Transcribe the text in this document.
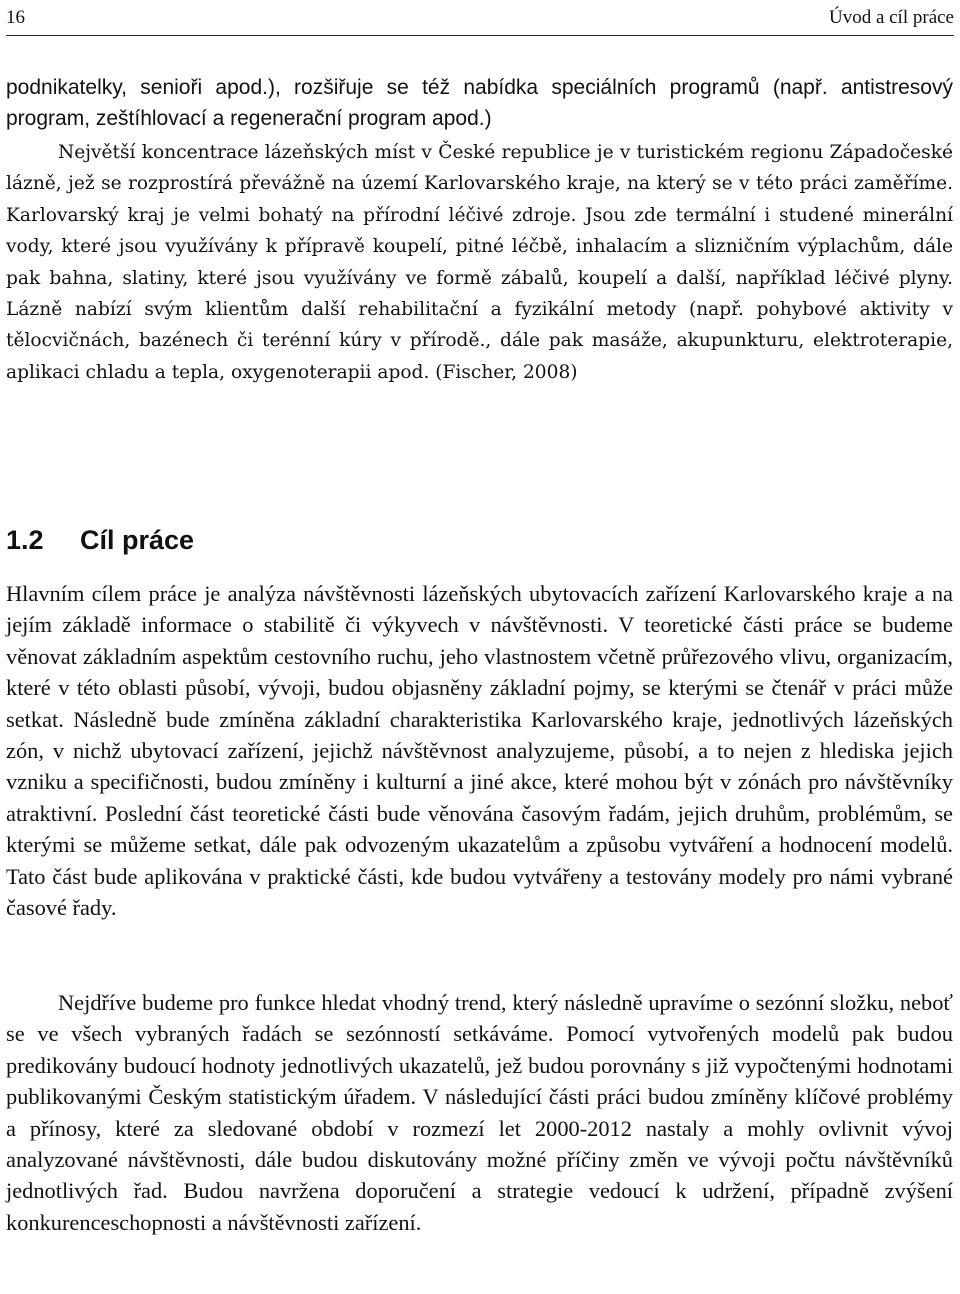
16	Úvod a cíl práce

podnikatelky, senioři apod.), rozšiřuje se též nabídka speciálních programů (např. antistresový program, zeštíhlovací a regenerační program apod.)

Největší koncentrace lázeňských míst v České republice je v turistickém regionu Západočeské lázně, jež se rozprostírá převážně na území Karlovarského kraje, na který se v této práci zaměříme. Karlovarský kraj je velmi bohatý na přírodní léčivé zdroje. Jsou zde termální i studené minerální vody, které jsou využívány k přípravě koupelí, pitné léčbě, inhalacím a slizničním výplachům, dále pak bahna, slatiny, které jsou využívány ve formě zábalů, koupelí a další, například léčivé plyny. Lázně nabízí svým klientům další rehabilitační a fyzikální metody (např. pohybové aktivity v tělocvičnách, bazénech či terénní kúry v přírodě., dále pak masáže, akupunkturu, elektroterapie, aplikaci chladu a tepla, oxygenoterapii apod. (Fischer, 2008)

1.2 Cíl práce

Hlavním cílem práce je analýza návštěvnosti lázeňských ubytovacích zařízení Karlovarského kraje a na jejím základě informace o stabilitě či výkyvech v návštěvnosti. V teoretické části práce se budeme věnovat základním aspektům cestovního ruchu, jeho vlastnostem včetně průřezového vlivu, organizacím, které v této oblasti působí, vývoji, budou objasněny základní pojmy, se kterými se čtenář v práci může setkat. Následně bude zmíněna základní charakteristika Karlovarského kraje, jednotlivých lázeňských zón, v nichž ubytovací zařízení, jejichž návštěvnost analyzujeme, působí, a to nejen z hlediska jejich vzniku a specifičnosti, budou zmíněny i kulturní a jiné akce, které mohou být v zónách pro návštěvníky atraktivní. Poslední část teoretické části bude věnována časovým řadám, jejich druhům, problémům, se kterými se můžeme setkat, dále pak odvozeným ukazatelům a způsobu vytváření a hodnocení modelů. Tato část bude aplikována v praktické části, kde budou vytvářeny a testovány modely pro námi vybrané časové řady.

Nejdříve budeme pro funkce hledat vhodný trend, který následně upravíme o sezónní složku, neboť se ve všech vybraných řadách se sezónností setkáváme. Pomocí vytvořených modelů pak budou predikovány budoucí hodnoty jednotlivých ukazatelů, jež budou porovnány s již vypočtenými hodnotami publikovanými Českým statistickým úřadem. V následující části práci budou zmíněny klíčové problémy a přínosy, které za sledované období v rozmezí let 2000-2012 nastaly a mohly ovlivnit vývoj analyzované návštěvnosti, dále budou diskutovány možné příčiny změn ve vývoji počtu návštěvníků jednotlivých řad. Budou navržena doporučení a strategie vedoucí k udržení, případně zvýšení konkurenceschopnosti a návštěvnosti zařízení.
